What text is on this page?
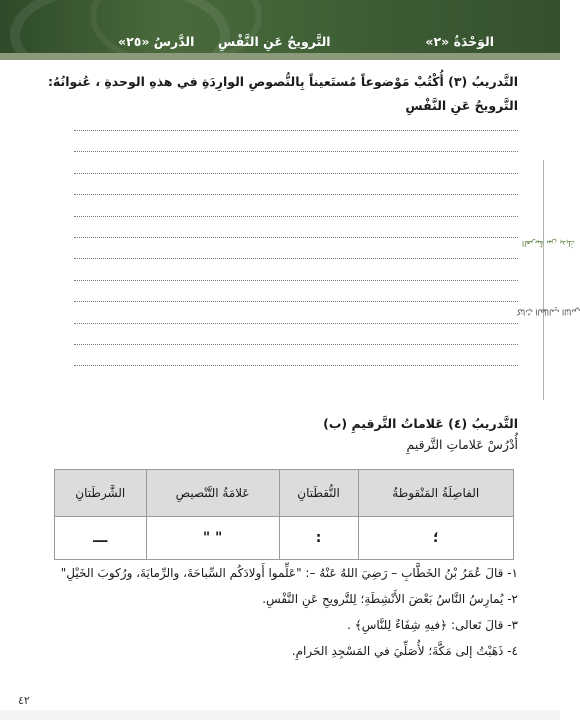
الوَحْدَةُ «٢»
التَّرويحُ عَنِ النَّفْسِ
الدَّرسُ «٢٥»
العربيةُ بين يديكَ    كتابُ الطالبِ الثاني
التَّدريبُ (٣) أُكْتُبْ مَوْضوعاً مُستَعيناً بِالنُّصوصِ الوارِدَةِ في هذهِ الوحدةِ ، عُنوانُهُ: التَّرويحُ عَنِ النَّفْسِ
التَّدريبُ (٤) عَلاماتُ التَّرقيمِ (ب)
أُدْرُسْ عَلاماتِ التَّرقيمِ
الفاصِلَةُ المَنْقوطةُ	النُّقطَتانِ	عَلامَةُ التَّنْصيصِ	الشَّرطَتانِ
؛	:	" "	ـــ
١- قالَ عُمَرُ بْنُ الخَطَّابِ – رَضِيَ اللهُ عَنْهُ –: "عَلِّموا أَولادَكُم السِّباحَةَ، والرِّمايَةَ، ورُكوبَ الخَيْلِ"
٢- يُمارِسُ النَّاسُ بَعْضَ الأَنْشِطَةِ؛ لِلتَّرويحِ عَنِ النَّفْسِ.
٣- قالَ تَعالى: ﴿فيهِ شِفَاءٌ لِلنَّاسِ﴾ .
٤- ذَهَبْتُ إلى مَكَّةَ؛ لأُصَلِّيَ في المَسْجِدِ الحَرامِ.
٤٢
